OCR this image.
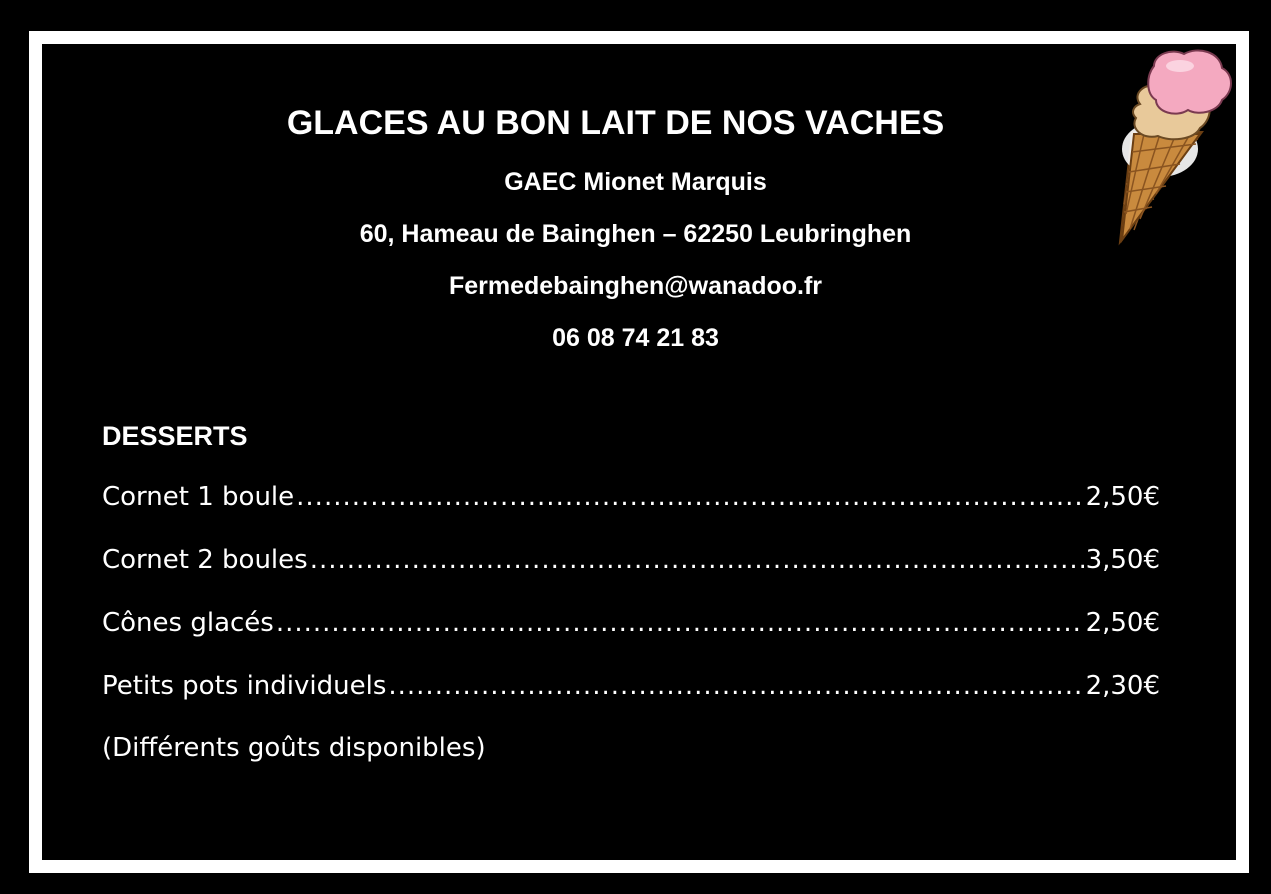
GLACES AU BON LAIT DE NOS VACHES
GAEC Mionet Marquis
60, Hameau de Bainghen – 62250 Leubringhen
Fermedebainghen@wanadoo.fr
06 08 74 21 83
DESSERTS
Cornet 1 boule .....	2,50€
Cornet 2 boules .....	3,50€
Cônes glacés .....	2,50€
Petits pots individuels .....	2,30€
(Différents goûts disponibles)
